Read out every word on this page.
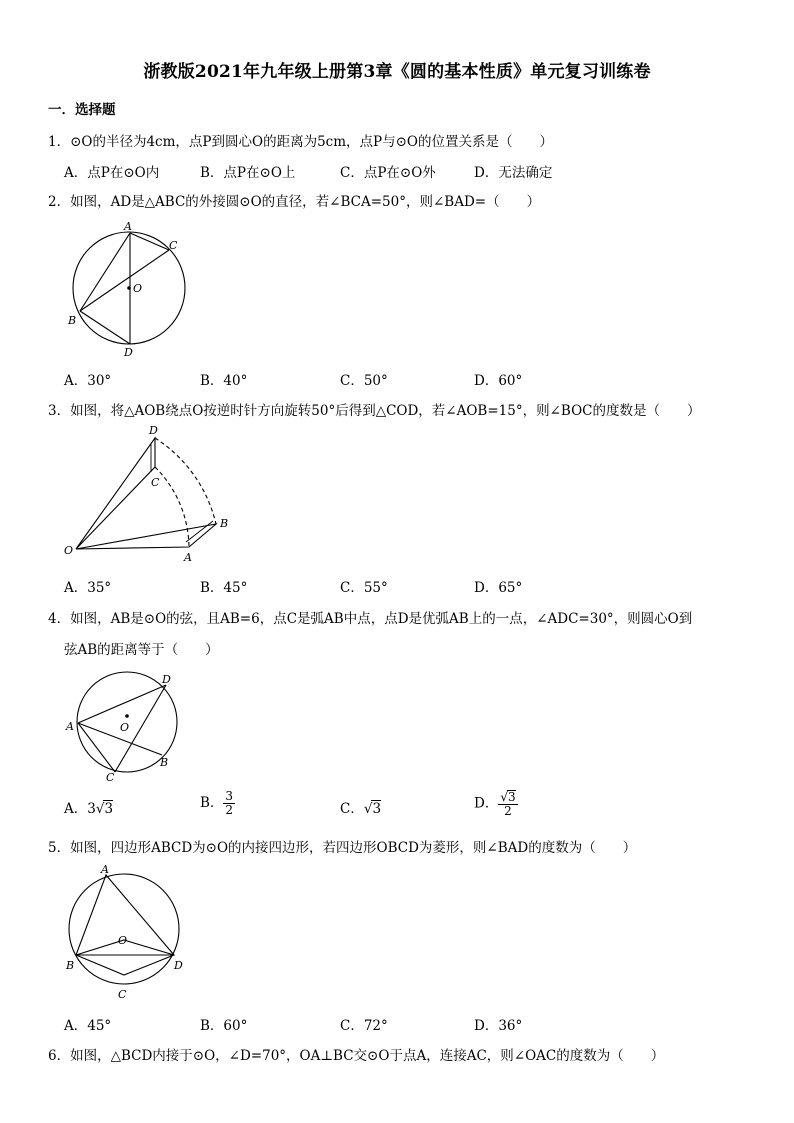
浙教版2021年九年级上册第3章《圆的基本性质》单元复习训练卷
一．选择题
1．⊙O的半径为4cm，点P到圆心O的距离为5cm，点P与⊙O的位置关系是（　　）
A．点P在⊙O内	B．点P在⊙O上	C．点P在⊙O外	D．无法确定
2．如图，AD是△ABC的外接圆⊙O的直径，若∠BCA=50°，则∠BAD=（　　）
A
C
O
B
D
A．30°	B．40°	C．50°	D．60°
3．如图，将△AOB绕点O按逆时针方向旋转50°后得到△COD，若∠AOB=15°，则∠BOC的度数是（　　）
D
C
B
O
A
A．35°	B．45°	C．55°	D．65°
4．如图，AB是⊙O的弦，且AB=6，点C是弧AB中点，点D是优弧AB上的一点，∠ADC=30°，则圆心O到
弦AB的距离等于（　　）
D
A	O
C
B
A．3√3	B． $\frac{3}{2}$	C．√3	D． $\frac{√3}{2}$
5．如图，四边形ABCD为⊙O的内接四边形，若四边形OBCD为菱形，则∠BAD的度数为（　　）
A
O
B	D
C
A．45°	B．60°	C．72°	D．36°
6．如图，△BCD内接于⊙O，∠D=70°，OA⊥BC交⊙O于点A，连接AC，则∠OAC的度数为（　　）
